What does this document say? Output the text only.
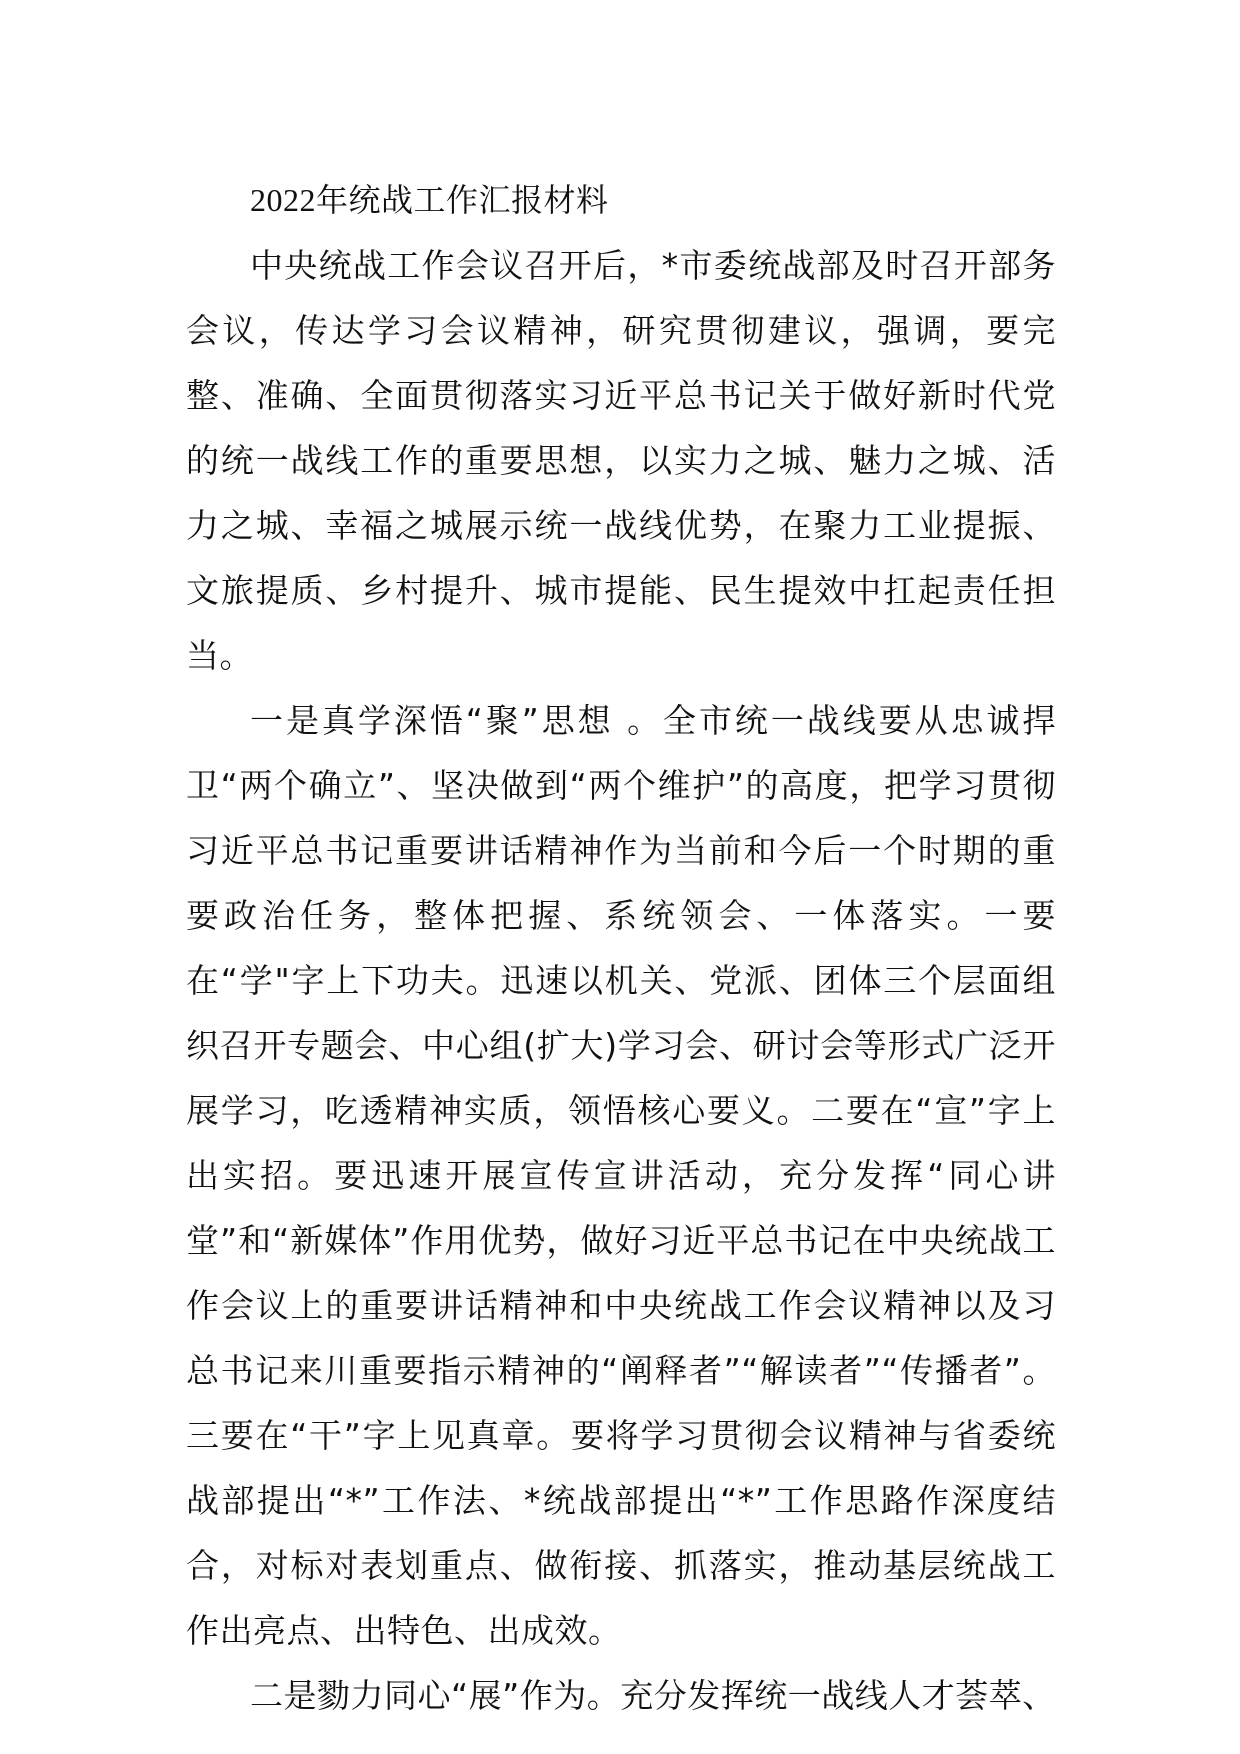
2022年统战工作汇报材料

中央统战工作会议召开后，*市委统战部及时召开部务会议，传达学习会议精神，研究贯彻建议，强调，要完整、准确、全面贯彻落实习近平总书记关于做好新时代党的统一战线工作的重要思想，以实力之城、魅力之城、活力之城、幸福之城展示统一战线优势，在聚力工业提振、文旅提质、乡村提升、城市提能、民生提效中扛起责任担当。

一是真学深悟“聚”思想 。全市统一战线要从忠诚捍卫“两个确立”、坚决做到“两个维护”的高度，把学习贯彻习近平总书记重要讲话精神作为当前和今后一个时期的重要政治任务，整体把握、系统领会、一体落实。一要在“学"字上下功夫。迅速以机关、党派、团体三个层面组织召开专题会、中心组(扩大)学习会、研讨会等形式广泛开展学习，吃透精神实质，领悟核心要义。二要在“宣”字上出实招。要迅速开展宣传宣讲活动，充分发挥“同心讲堂”和“新媒体”作用优势，做好习近平总书记在中央统战工作会议上的重要讲话精神和中央统战工作会议精神以及习总书记来川重要指示精神的“阐释者”“解读者”“传播者”。三要在“干”字上见真章。要将学习贯彻会议精神与省委统战部提出“*”工作法、*统战部提出“*”工作思路作深度结合，对标对表划重点、做衔接、抓落实，推动基层统战工作出亮点、出特色、出成效。

二是勠力同心“展”作为。充分发挥统一战线人才荟萃、
